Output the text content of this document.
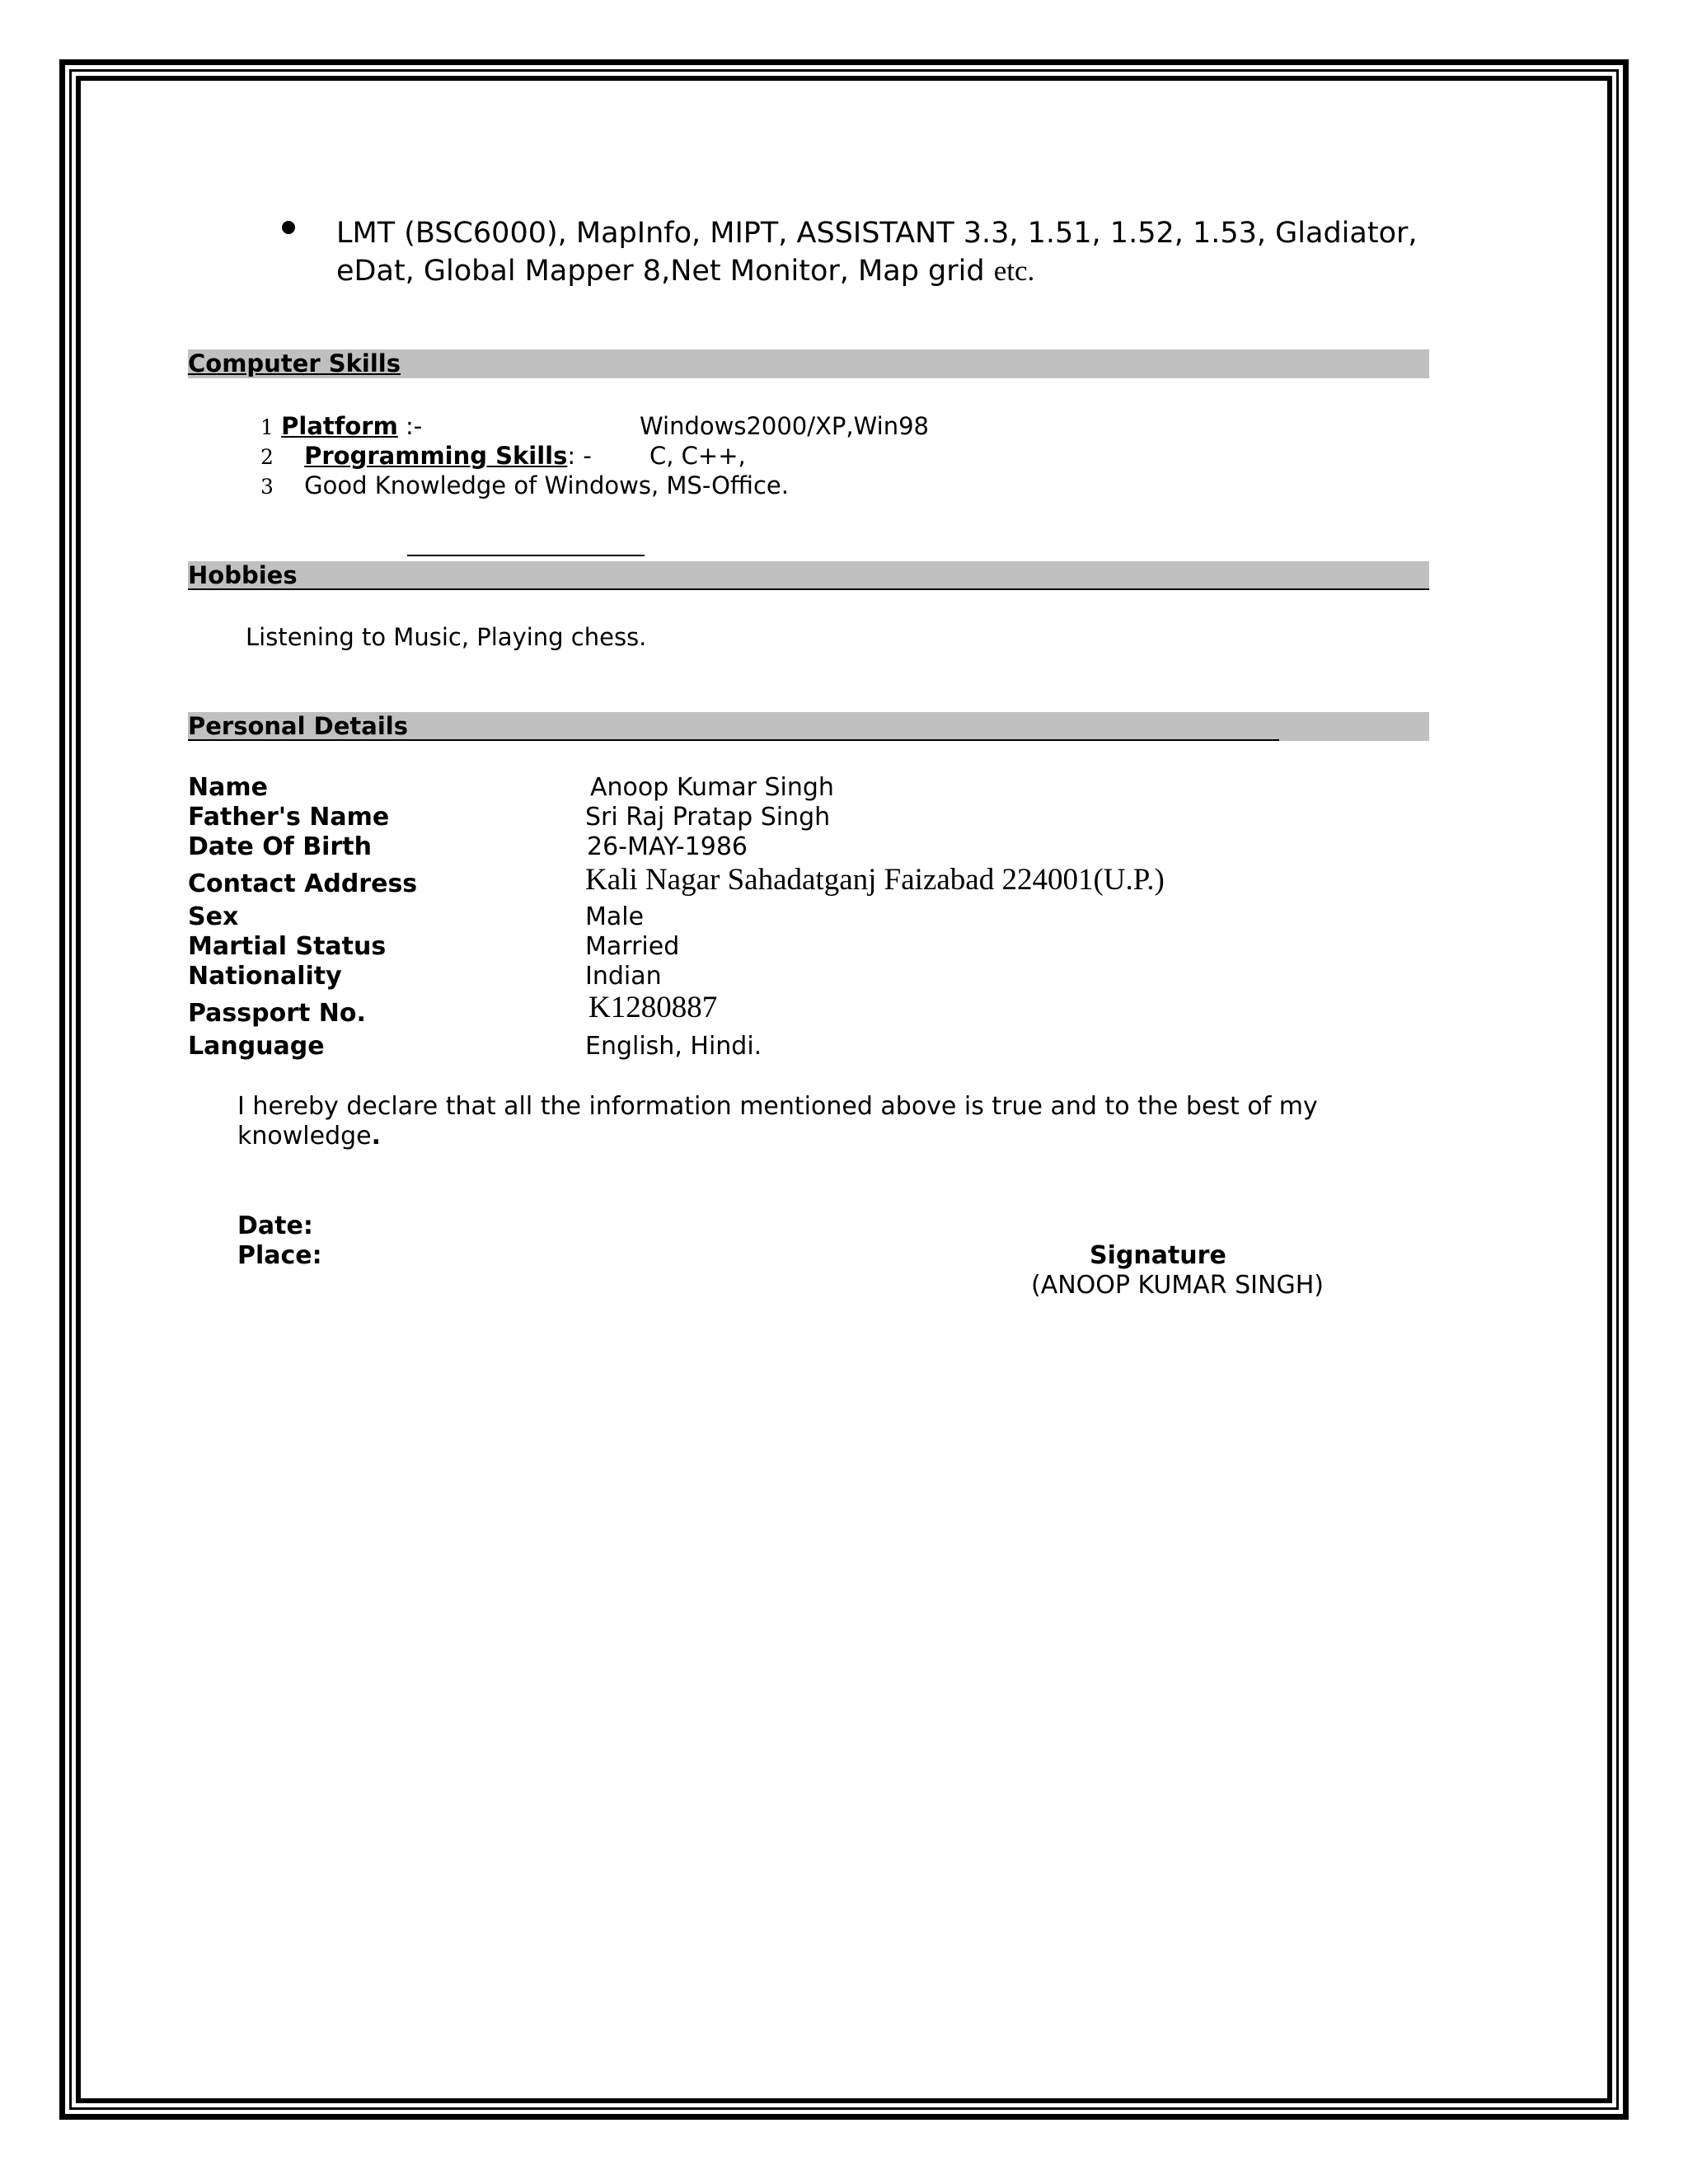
LMT (BSC6000), MapInfo, MIPT, ASSISTANT 3.3, 1.51, 1.52, 1.53, Gladiator,
eDat, Global Mapper 8,Net Monitor, Map grid etc.
Computer Skills
1 Platform :-	Windows2000/XP,Win98
2 Programming Skills: - C, C++,
3 Good Knowledge of Windows, MS-Office.
Hobbies
Listening to Music, Playing chess.
Personal Details
Name	Anoop Kumar Singh
Father's Name	Sri Raj Pratap Singh
Date Of Birth	26-MAY-1986
Contact Address	Kali Nagar Sahadatganj Faizabad 224001(U.P.)
Sex	Male
Martial Status	Married
Nationality	Indian
Passport No.	K1280887
Language	English, Hindi.
I hereby declare that all the information mentioned above is true and to the best of my
knowledge.
Date:
Place:	Signature
(ANOOP KUMAR SINGH)
